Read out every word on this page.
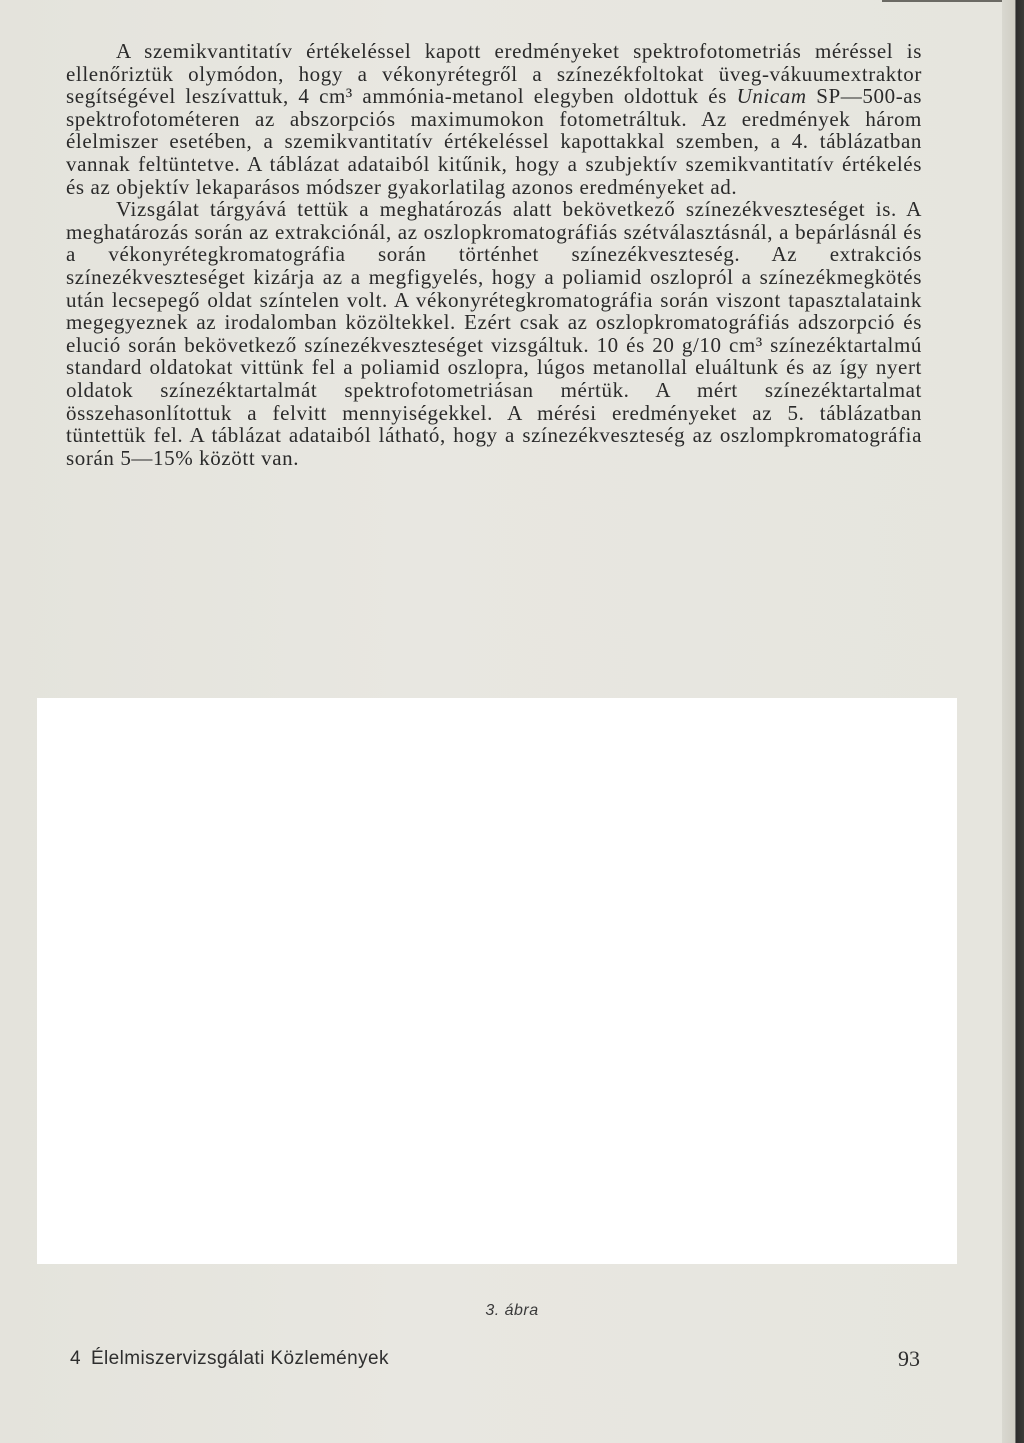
A szemikvantitatív értékeléssel kapott eredményeket spektrofotometriás méréssel is ellenőriztük olymódon, hogy a vékonyrétegről a színezékfoltokat üveg-vákuumextraktor segítségével leszívattuk, 4 cm³ ammónia-metanol elegyben oldottuk és Unicam SP—500-as spektrofotométeren az abszorpciós maximumokon fotometráltuk. Az eredmények három élelmiszer esetében, a szemikvantitatív értékeléssel kapottakkal szemben, a 4. táblázatban vannak feltüntetve. A táblázat adataiból kitűnik, hogy a szubjektív szemikvantitatív értékelés és az objektív lekaparásos módszer gyakorlatilag azonos eredményeket ad.

Vizsgálat tárgyává tettük a meghatározás alatt bekövetkező színezékveszteséget is. A meghatározás során az extrakciónál, az oszlopkromatográfiás szétválasztásnál, a bepárlásnál és a vékonyrétegkromatográfia során történhet színezékveszteség. Az extrakciós színezékveszteséget kizárja az a megfigyelés, hogy a poliamid oszlopról a színezékmegkötés után lecsepegő oldat színtelen volt. A vékonyrétegkromatográfia során viszont tapasztalataink megegyeznek az irodalomban közöltekkel. Ezért csak az oszlopkromatográfiás adszorpció és elució során bekövetkező színezékveszteséget vizsgáltuk. 10 és 20 g/10 cm³ színezéktartalmú standard oldatokat vittünk fel a poliamid oszlopra, lúgos metanollal eluáltunk és az így nyert oldatok színezéktartalmát spektrofotometriásan mértük. A mért színezéktartalmat összehasonlítottuk a felvitt mennyiségekkel. A mérési eredményeket az 5. táblázatban tüntettük fel. A táblázat adataiból látható, hogy a színezékveszteség az oszlompkromatográfia során 5—15% között van.

3. ábra
4 Élelmiszervizsgálati Közlemények	93
